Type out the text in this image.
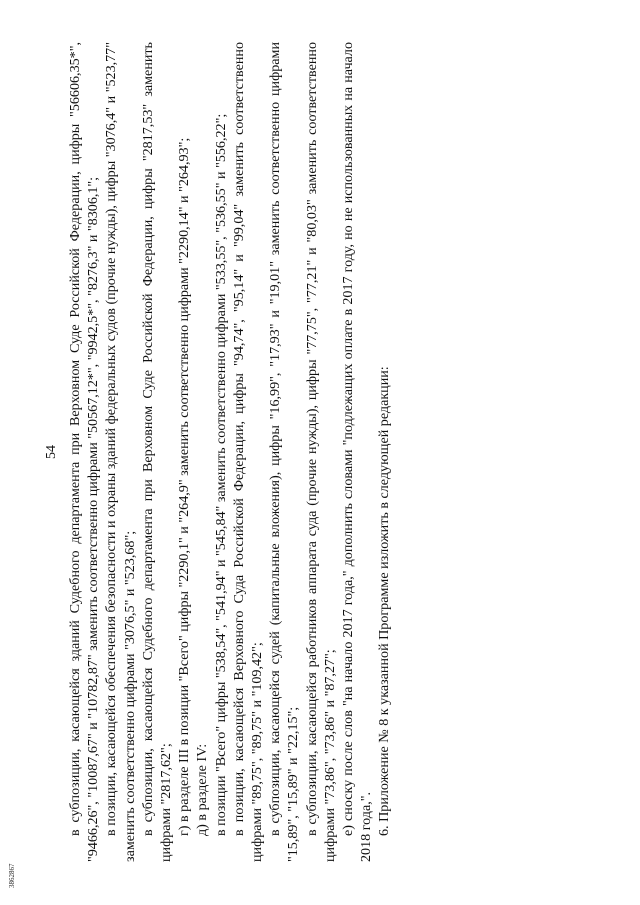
54 в субпозиции, касающейся зданий Судебного департамента при Верховном Суде Российской Федерации, цифры "56606,35*", "9466,26", "10087,67" и "10782,87" заменить соответственно цифрами "50567,12*", "9942,5*", "8276,3" и "8306,1"; в позиции, касающейся обеспечения безопасности и охраны зданий федеральных судов (прочие нужды), цифры "3076,4" и "523,77" заменить соответственно цифрами "3076,5" и "523,68"; в субпозиции, касающейся Судебного департамента при Верховном Суде Российской Федерации, цифры "2817,53" заменить цифрами "2817,62"; г) в разделе III в позиции "Всего" цифры "2290,1" и "264,9" заменить соответственно цифрами "2290,14" и "264,93"; д) в разделе IV: в позиции "Всего" цифры "538,54", "541,94" и "545,84" заменить соответственно цифрами "533,55", "536,55" и "556,22"; в позиции, касающейся Верховного Суда Российской Федерации, цифры "94,74", "95,14" и "99,04" заменить соответственно цифрами "89,75", "89,75" и "109,42"; в субпозиции, касающейся судей (капитальные вложения), цифры "16,99", "17,93" и "19,01" заменить соответственно цифрами "15,89", "15,89" и "22,15"; в субпозиции, касающейся работников аппарата суда (прочие нужды), цифры "77,75", "77,21" и "80,03" заменить соответственно цифрами "73,86", "73,86" и "87,27"; е) сноску после слов "на начало 2017 года," дополнить словами "подлежащих оплате в 2017 году, но не использованных на начало 2018 года,". 6. Приложение № 8 к указанной Программе изложить в следующей редакции:

3862867
